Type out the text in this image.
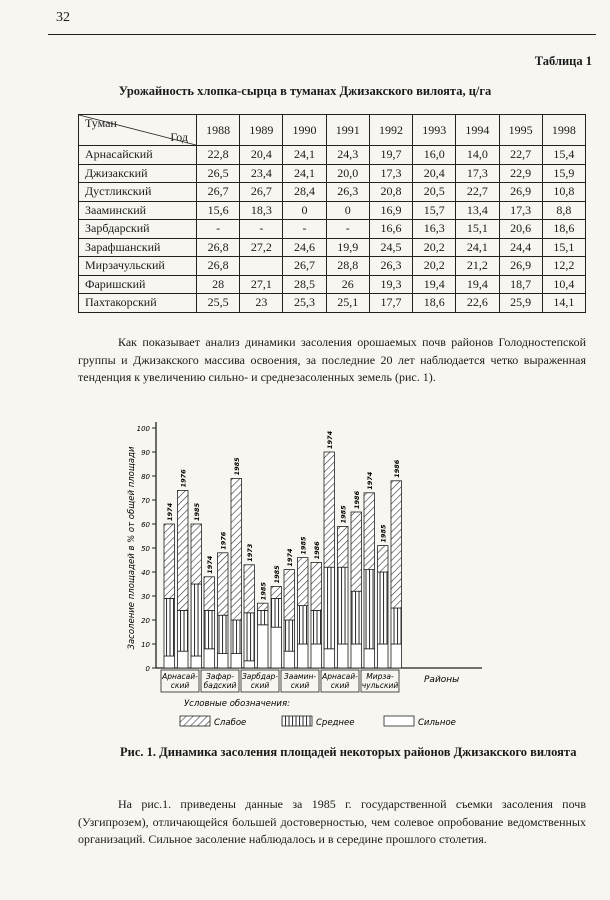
32
Таблица 1
Урожайность хлопка-сырца в туманах Джизакского вилоята, ц/га
Туман
Год	1988	1989	1990	1991	1992	1993	1994	1995	1998
Арнасайский	22,8	20,4	24,1	24,3	19,7	16,0	14,0	22,7	15,4
Джизакский	26,5	23,4	24,1	20,0	17,3	20,4	17,3	22,9	15,9
Дустликский	26,7	26,7	28,4	26,3	20,8	20,5	22,7	26,9	10,8
Зааминский	15,6	18,3	0	0	16,9	15,7	13,4	17,3	8,8
Зарбдарский	-	-	-	-	16,6	16,3	15,1	20,6	18,6
Зарафшанский	26,8	27,2	24,6	19,9	24,5	20,2	24,1	24,4	15,1
Мирзачульский	26,8		26,7	28,8	26,3	20,2	21,2	26,9	12,2
Фаришский	28	27,1	28,5	26	19,3	19,4	19,4	18,7	10,4
Пахтакорский	25,5	23	25,3	25,1	17,7	18,6	22,6	25,9	14,1
Как показывает анализ динамики засоления орошаемых почв районов Голодностепской группы и Джизакского массива освоения, за последние 20 лет наблюдается четко выраженная тенденция к увеличению сильно- и среднезасоленных земель (рис. 1).
0
10
20
30
40
50
60
70
80
90
100
Засоление площадей в % от общей площади
Районы
1974
1976
1985
Арнасай-
ский
1974
1976
1985
Зафар-
бадский
1973
1985
1985
Зарбдар-
ский
1974
1985 1986
Заамин-
ский
1974
1985
1986
Арнасай-
ский
1974
1985
1986
Мирза-
чульский
Условные обозначения:
Слабое	Среднее	Сильное
Рис. 1. Динамика засоления площадей некоторых районов Джизакского вилоята
На рис.1. приведены данные за 1985 г. государственной съемки засоления почв (Узгипрозем), отличающейся большей достоверностью, чем солевое опробование ведомственных организаций. Сильное засоление наблюдалось и в середине прошлого столетия.
